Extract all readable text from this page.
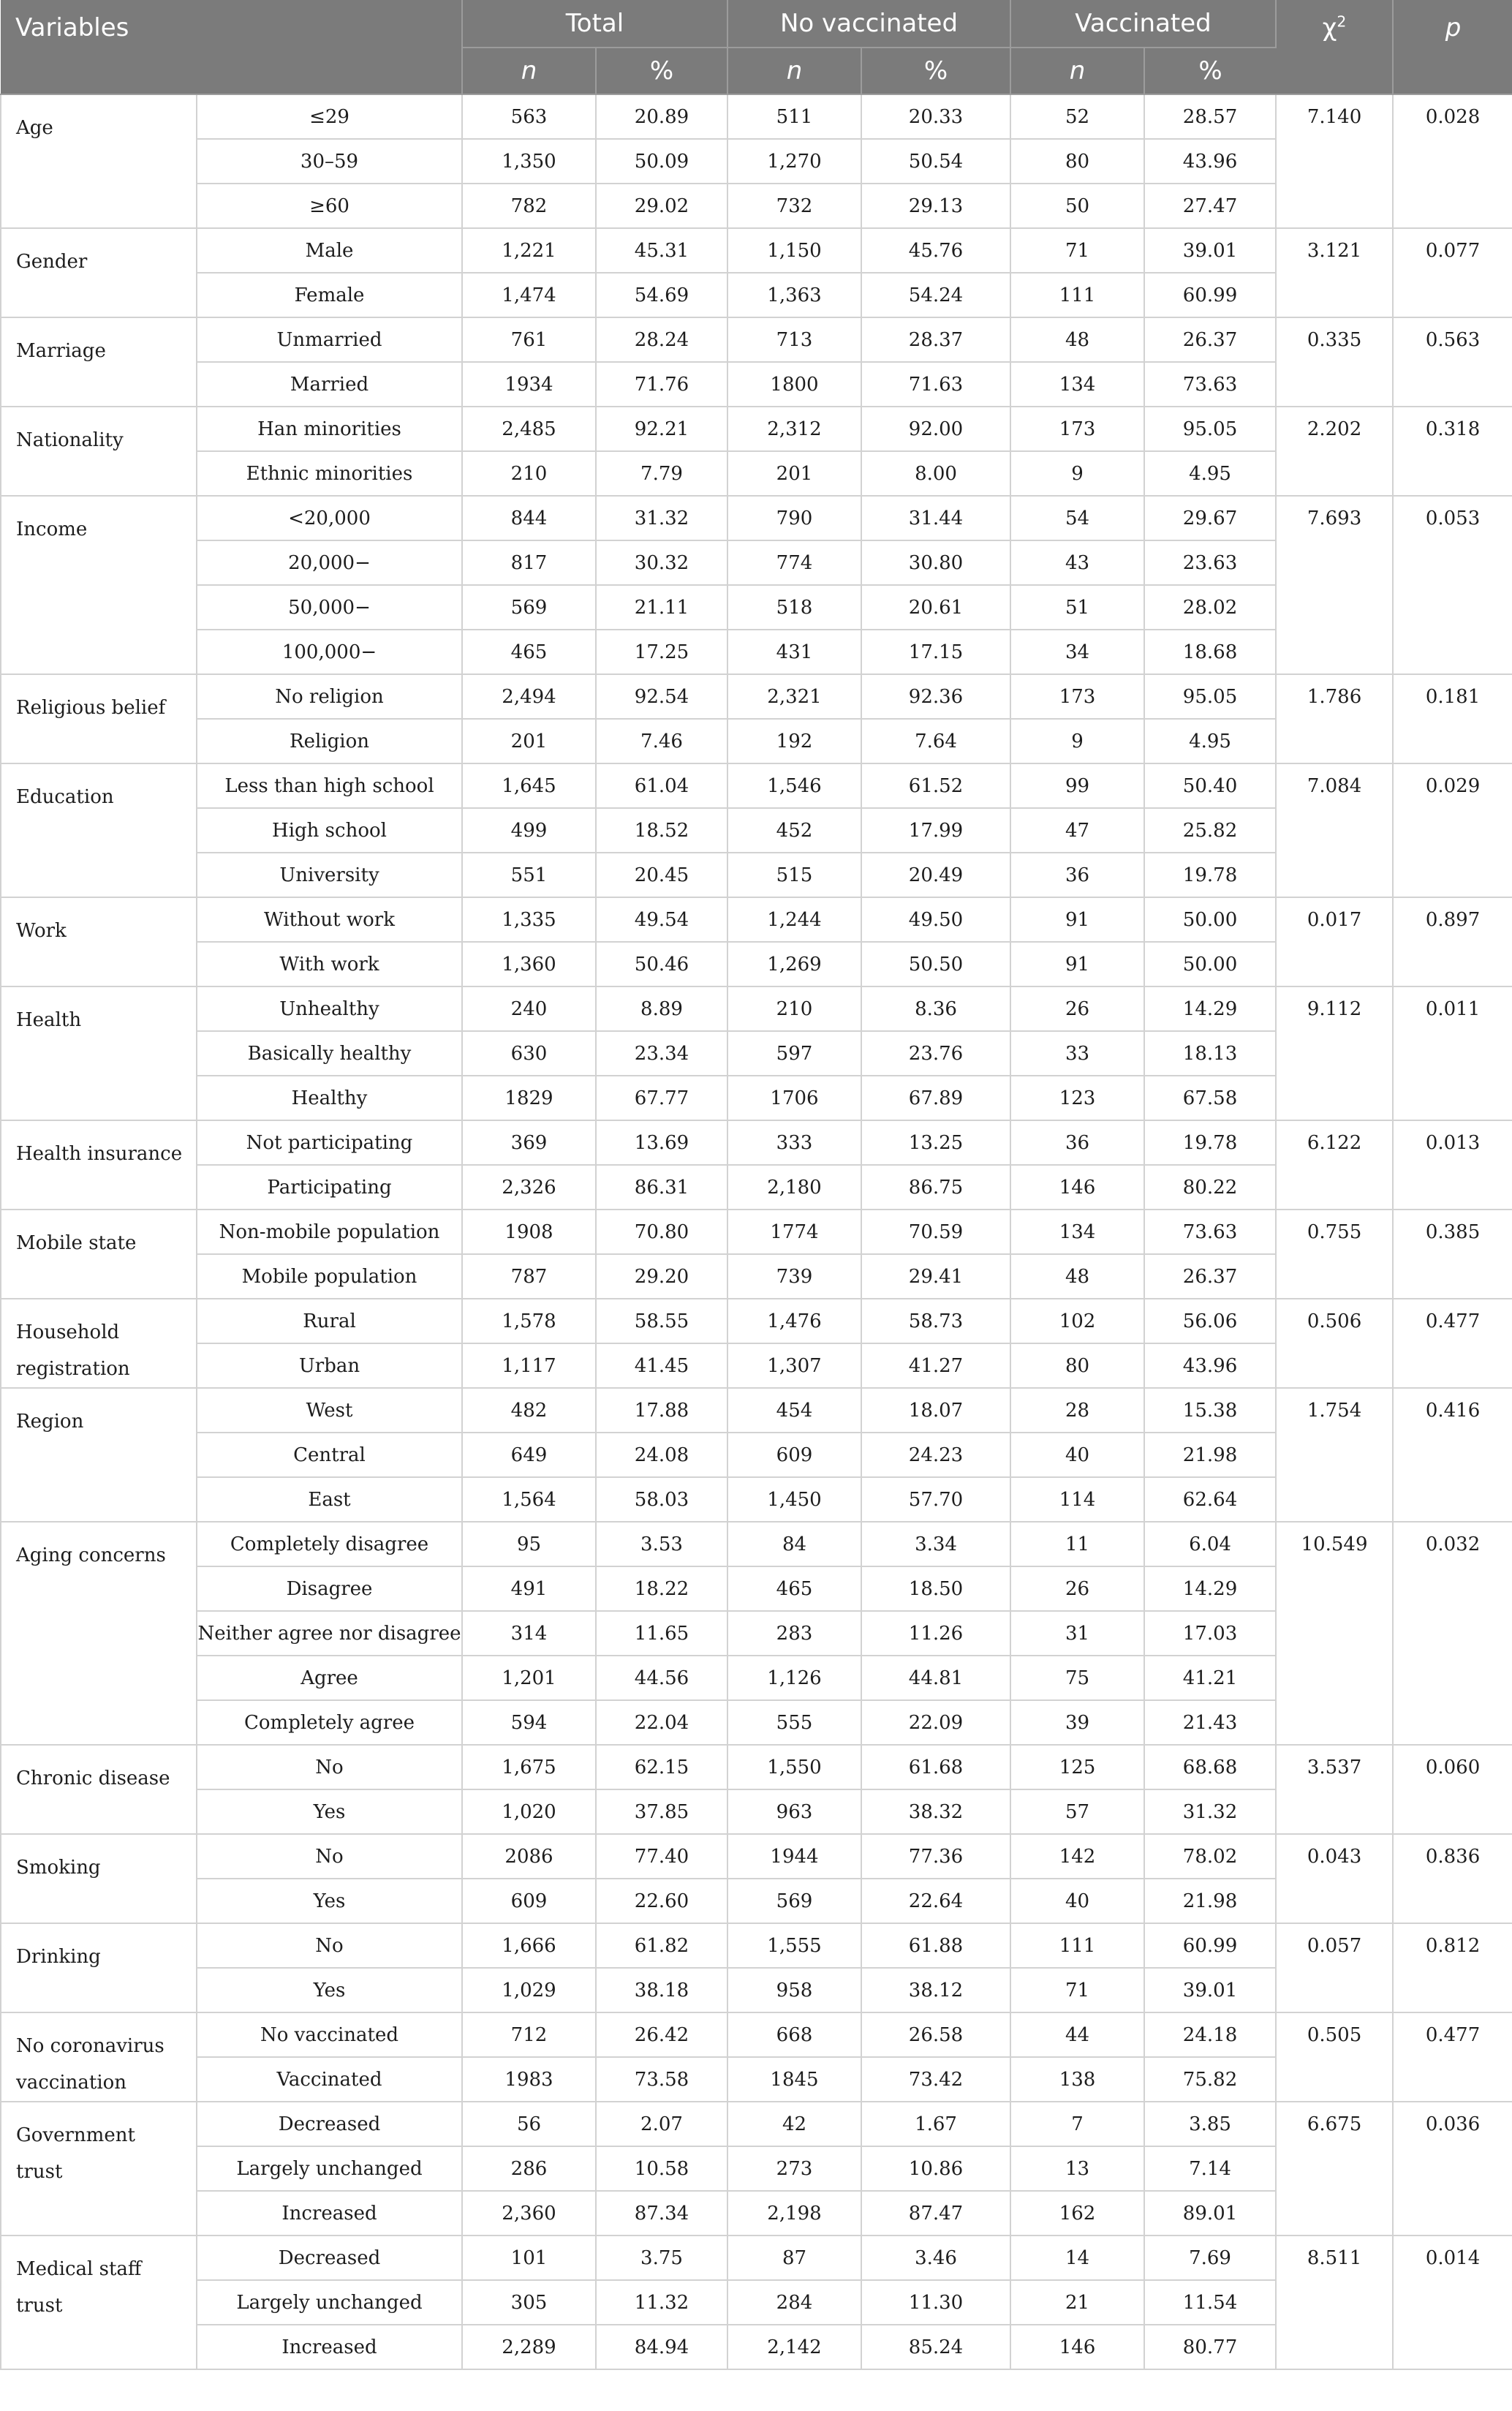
Variables		Total		No vaccinated		Vaccinated		$\chi^2$	p
		n	%	n	%	n	%		
Age	≤29	563	20.89	511	20.33	52	28.57	7.140	0.028
	30–59	1,350	50.09	1,270	50.54	80	43.96		
	≥60	782	29.02	732	29.13	50	27.47		
Gender	Male	1,221	45.31	1,150	45.76	71	39.01	3.121	0.077
	Female	1,474	54.69	1,363	54.24	111	60.99		
Marriage	Unmarried	761	28.24	713	28.37	48	26.37	0.335	0.563
	Married	1934	71.76	1800	71.63	134	73.63		
Nationality	Han minorities	2,485	92.21	2,312	92.00	173	95.05	2.202	0.318
	Ethnic minorities	210	7.79	201	8.00	9	4.95		
Income	<20,000	844	31.32	790	31.44	54	29.67	7.693	0.053
	20,000−	817	30.32	774	30.80	43	23.63		
	50,000−	569	21.11	518	20.61	51	28.02		
	100,000−	465	17.25	431	17.15	34	18.68		
Religious belief	No religion	2,494	92.54	2,321	92.36	173	95.05	1.786	0.181
	Religion	201	7.46	192	7.64	9	4.95		
Education	Less than high school	1,645	61.04	1,546	61.52	99	50.40	7.084	0.029
	High school	499	18.52	452	17.99	47	25.82		
	University	551	20.45	515	20.49	36	19.78		
Work	Without work	1,335	49.54	1,244	49.50	91	50.00	0.017	0.897
	With work	1,360	50.46	1,269	50.50	91	50.00		
Health	Unhealthy	240	8.89	210	8.36	26	14.29	9.112	0.011
	Basically healthy	630	23.34	597	23.76	33	18.13		
	Healthy	1829	67.77	1706	67.89	123	67.58		
Health insurance	Not participating	369	13.69	333	13.25	36	19.78	6.122	0.013
	Participating	2,326	86.31	2,180	86.75	146	80.22		
Mobile state	Non-mobile population	1908	70.80	1774	70.59	134	73.63	0.755	0.385
	Mobile population	787	29.20	739	29.41	48	26.37		
Household registration	Rural	1,578	58.55	1,476	58.73	102	56.06	0.506	0.477
	Urban	1,117	41.45	1,307	41.27	80	43.96		
Region	West	482	17.88	454	18.07	28	15.38	1.754	0.416
	Central	649	24.08	609	24.23	40	21.98		
	East	1,564	58.03	1,450	57.70	114	62.64		
Aging concerns	Completely disagree	95	3.53	84	3.34	11	6.04	10.549	0.032
	Disagree	491	18.22	465	18.50	26	14.29		
	Neither agree nor disagree	314	11.65	283	11.26	31	17.03		
	Agree	1,201	44.56	1,126	44.81	75	41.21		
	Completely agree	594	22.04	555	22.09	39	21.43		
Chronic disease	No	1,675	62.15	1,550	61.68	125	68.68	3.537	0.060
	Yes	1,020	37.85	963	38.32	57	31.32		
Smoking	No	2086	77.40	1944	77.36	142	78.02	0.043	0.836
	Yes	609	22.60	569	22.64	40	21.98		
Drinking	No	1,666	61.82	1,555	61.88	111	60.99	0.057	0.812
	Yes	1,029	38.18	958	38.12	71	39.01		
No coronavirus vaccination	No vaccinated	712	26.42	668	26.58	44	24.18	0.505	0.477
	Vaccinated	1983	73.58	1845	73.42	138	75.82		
Government trust	Decreased	56	2.07	42	1.67	7	3.85	6.675	0.036
	Largely unchanged	286	10.58	273	10.86	13	7.14		
	Increased	2,360	87.34	2,198	87.47	162	89.01		
Medical staff trust	Decreased	101	3.75	87	3.46	14	7.69	8.511	0.014
	Largely unchanged	305	11.32	284	11.30	21	11.54		
	Increased	2,289	84.94	2,142	85.24	146	80.77		
